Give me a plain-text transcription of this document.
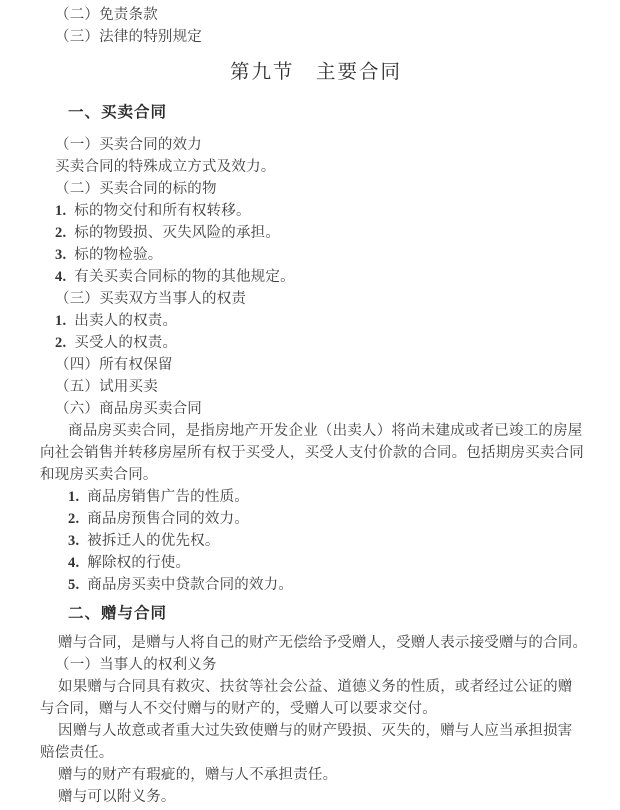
（二）免责条款
（三）法律的特别规定
第九节　主要合同
一、买卖合同
（一）买卖合同的效力
买卖合同的特殊成立方式及效力。
（二）买卖合同的标的物
1. 标的物交付和所有权转移。
2. 标的物毁损、灭失风险的承担。
3. 标的物检验。
4. 有关买卖合同标的物的其他规定。
（三）买卖双方当事人的权责
1. 出卖人的权责。
2. 买受人的权责。
（四）所有权保留
（五）试用买卖
（六）商品房买卖合同
商品房买卖合同，是指房地产开发企业（出卖人）将尚未建成或者已竣工的房屋
向社会销售并转移房屋所有权于买受人，买受人支付价款的合同。包括期房买卖合同
和现房买卖合同。
1. 商品房销售广告的性质。
2. 商品房预售合同的效力。
3. 被拆迁人的优先权。
4. 解除权的行使。
5. 商品房买卖中贷款合同的效力。
二、赠与合同
赠与合同，是赠与人将自己的财产无偿给予受赠人，受赠人表示接受赠与的合同。
（一）当事人的权利义务
如果赠与合同具有救灾、扶贫等社会公益、道德义务的性质，或者经过公证的赠
与合同，赠与人不交付赠与的财产的，受赠人可以要求交付。
因赠与人故意或者重大过失致使赠与的财产毁损、灭失的，赠与人应当承担损害
赔偿责任。
赠与的财产有瑕疵的，赠与人不承担责任。
赠与可以附义务。
